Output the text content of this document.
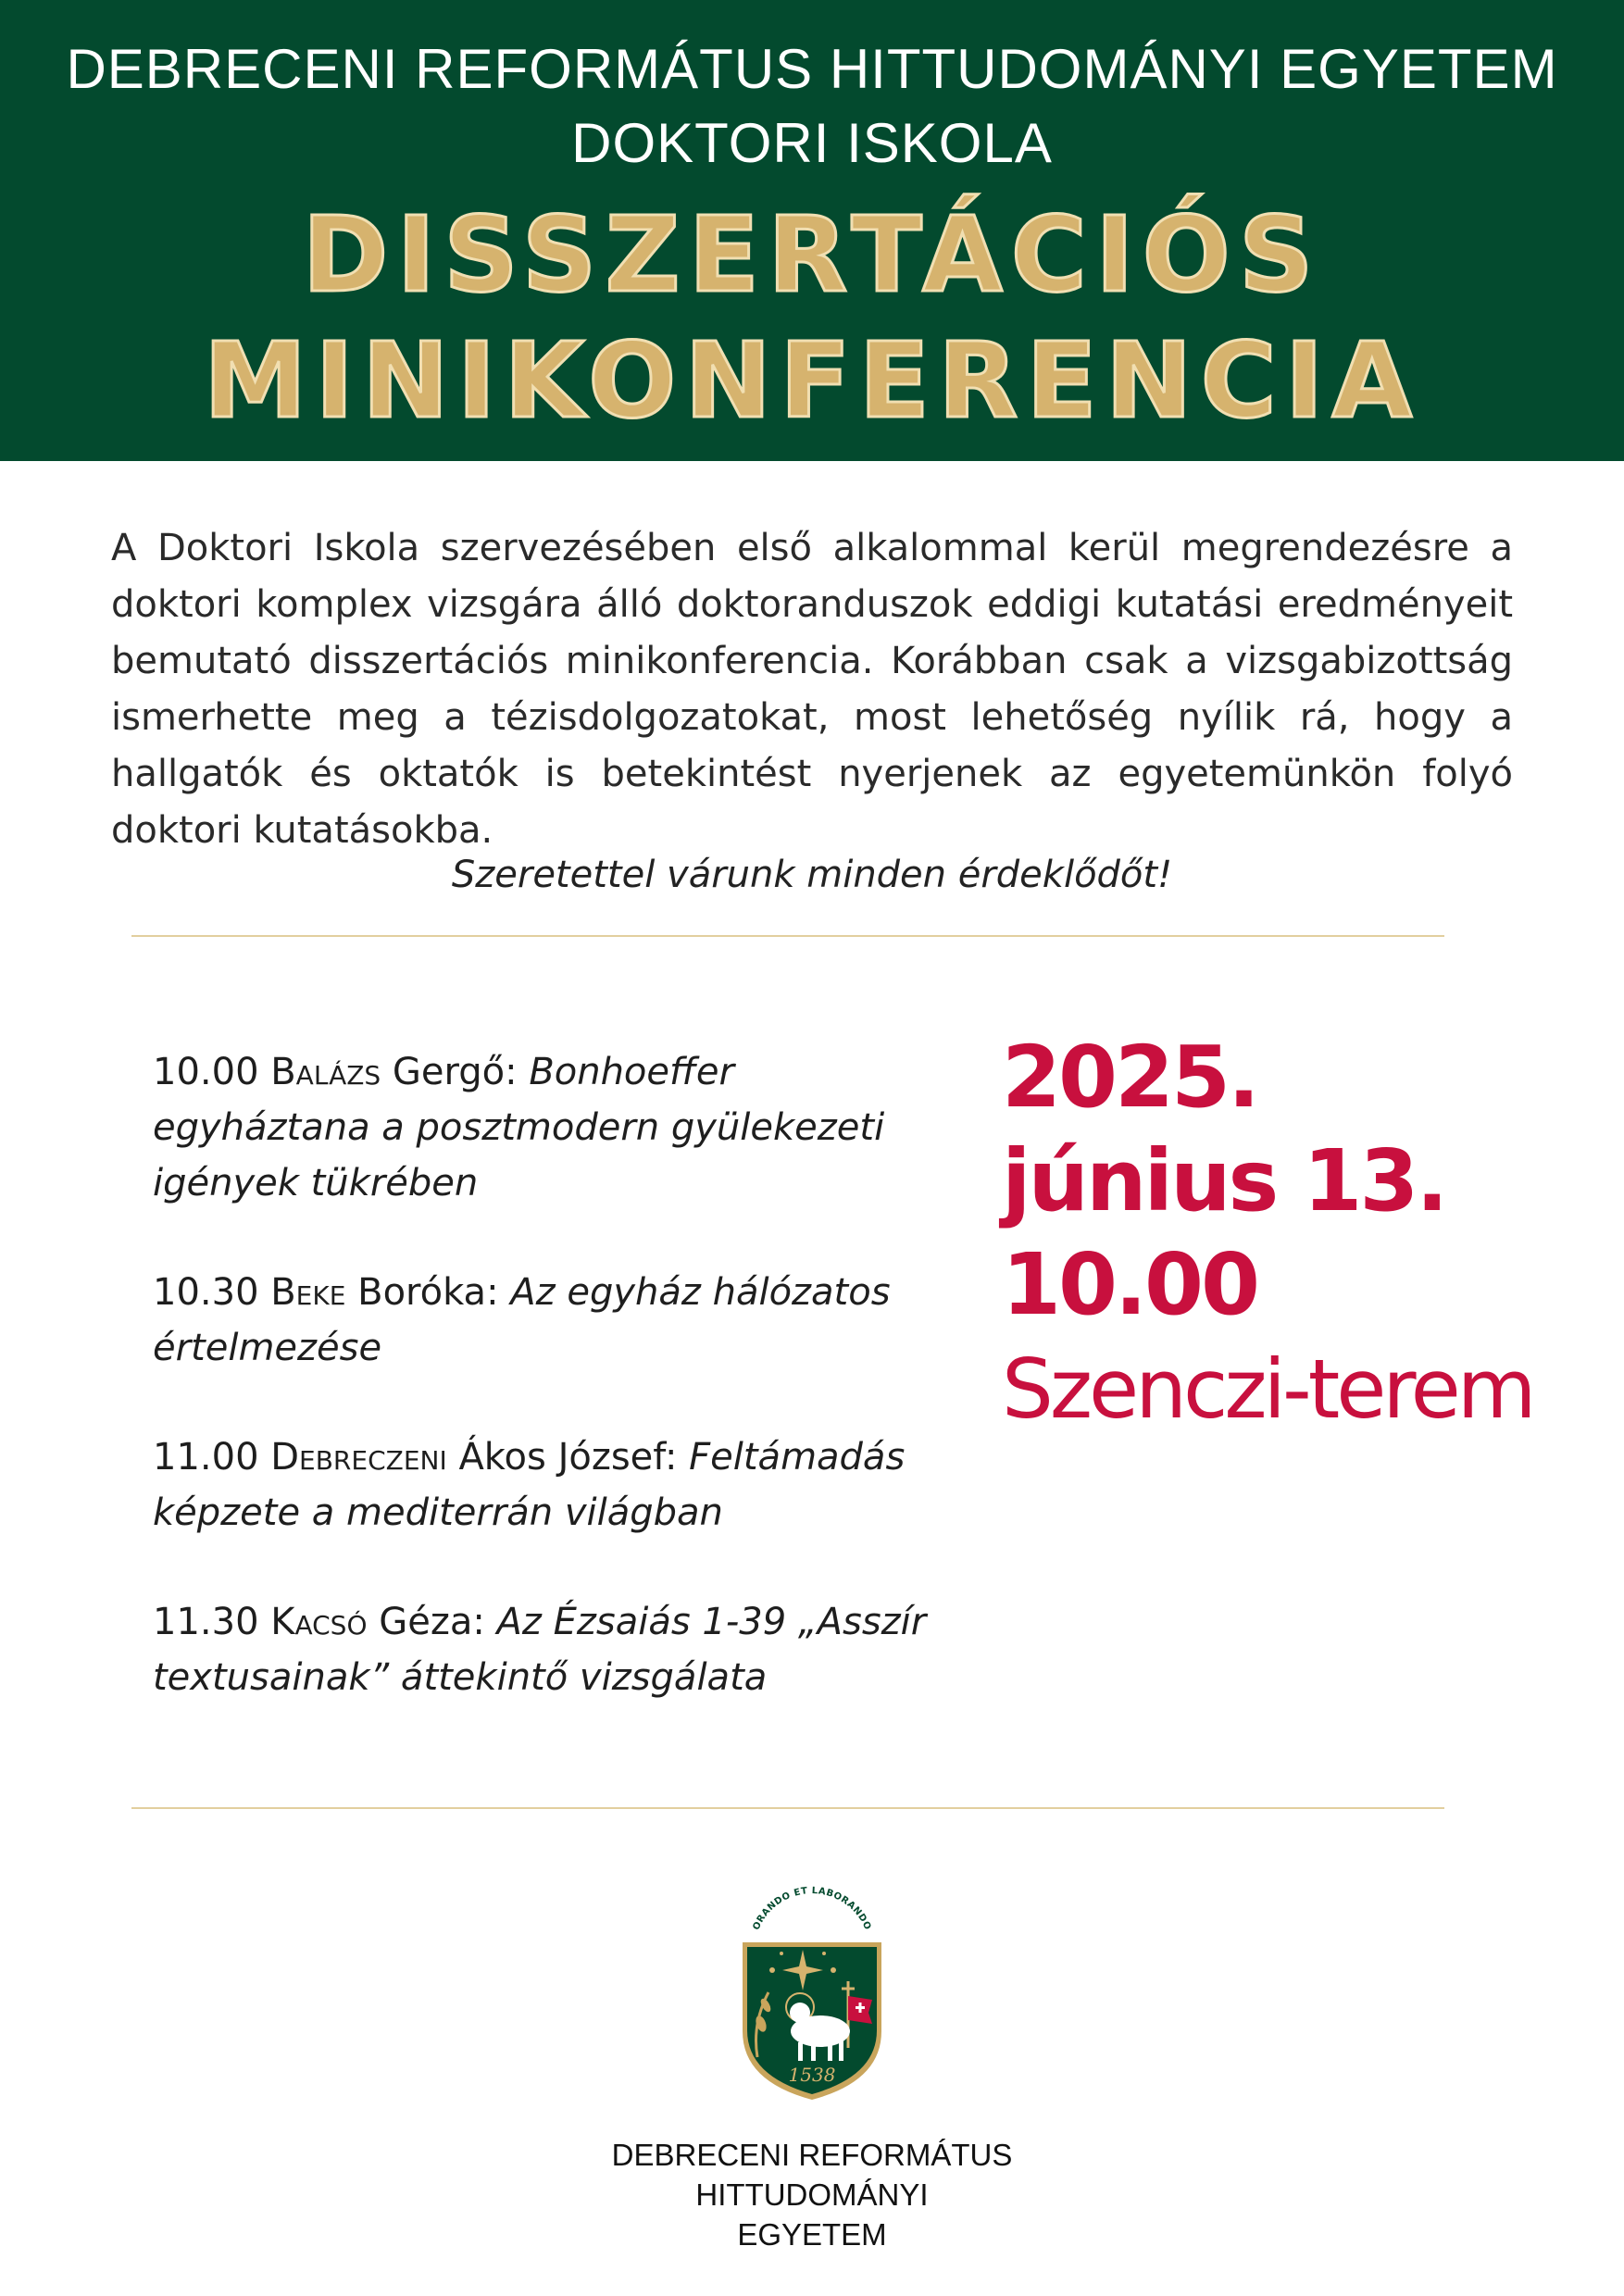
DEBRECENI REFORMÁTUS HITTUDOMÁNYI EGYETEM
DOKTORI ISKOLA
DISSZERTÁCIÓS
MINIKONFERENCIA
A Doktori Iskola szervezésében első alkalommal kerül megrendezésre a doktori komplex vizsgára álló doktoranduszok eddigi kutatási eredményeit bemutató disszertációs minikonferencia. Korábban csak a vizsgabizottság ismerhette meg a tézisdolgozatokat, most lehetőség nyílik rá, hogy a hallgatók és oktatók is betekintést nyerjenek az egyetemünkön folyó doktori kutatásokba.
Szeretettel várunk minden érdeklődőt!
10.00 Balázs Gergő: Bonhoeffer egyháztana a posztmodern gyülekezeti igények tükrében
10.30 Beke Boróka: Az egyház hálózatos értelmezése
11.00 Debreczeni Ákos József: Feltámadás képzete a mediterrán világban
11.30 Kacsó Géza: Az Ézsaiás 1-39 „Asszír textusainak” áttekintő vizsgálata
2025.
június 13.
10.00
Szenczi-terem
ORANDO ET LABORANDO
1538
DEBRECENI REFORMÁTUS
HITTUDOMÁNYI
EGYETEM
